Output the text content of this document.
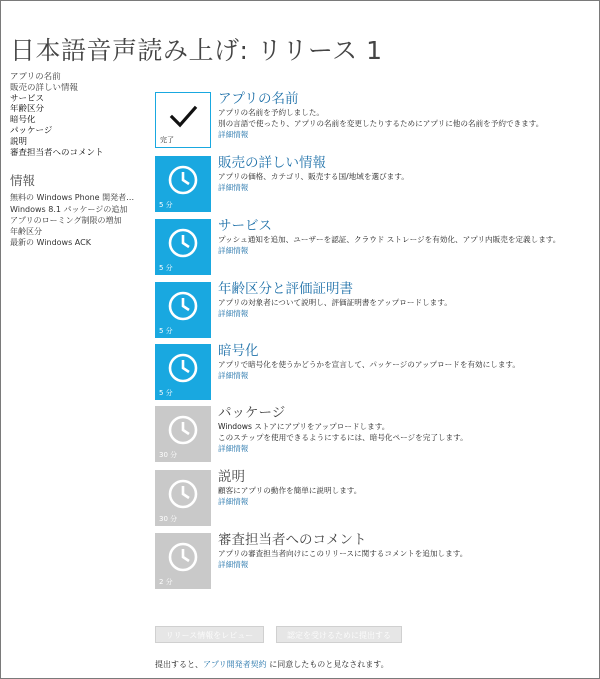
日本語音声読み上げ: リリース 1
アプリの名前
販売の詳しい情報
サービス
年齢区分
暗号化
パッケージ
説明
審査担当者へのコメント
情報
無料の Windows Phone 開発者…
Windows 8.1 パッケージの追加
アプリのローミング制限の増加
年齢区分
最新の Windows ACK
完了
アプリの名前
アプリの名前を予約しました。
別の言語で使ったり、アプリの名前を変更したりするためにアプリに他の名前を予約できます。
詳細情報
5 分
販売の詳しい情報
アプリの価格、カテゴリ、販売する国/地域を選びます。
詳細情報
5 分
サービス
プッシュ通知を追加、ユーザーを認証、クラウド ストレージを有効化、アプリ内販売を定義します。
詳細情報
5 分
年齢区分と評価証明書
アプリの対象者について説明し、評価証明書をアップロードします。
詳細情報
5 分
暗号化
アプリで暗号化を使うかどうかを宣言して、パッケージのアップロードを有効にします。
詳細情報
30 分
パッケージ
Windows ストアにアプリをアップロードします。
このステップを使用できるようにするには、暗号化ページを完了します。
詳細情報
30 分
説明
顧客にアプリの動作を簡単に説明します。
詳細情報
2 分
審査担当者へのコメント
アプリの審査担当者向けにこのリリースに関するコメントを追加します。
詳細情報
リリース情報をレビュー	認定を受けるために提出する
提出すると、アプリ開発者契約 に同意したものと見なされます。
